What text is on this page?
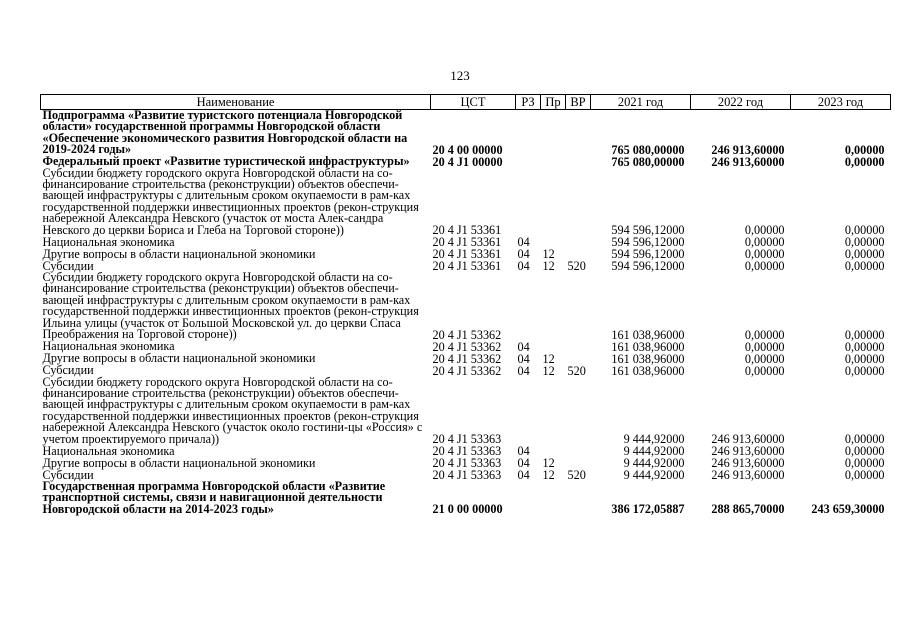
123
Наименование	ЦСТ	РЗ	Пр	ВР	2021 год	2022 год	2023 год
Подпрограмма «Развитие туристского потенциала Новгородской области» государственной программы Новгородской области «Обеспечение экономического развития Новгородской области на 2019-2024 годы»	20 4 00 00000				765 080,00000	246 913,60000	0,00000
Федеральный проект «Развитие туристической инфраструктуры»	20 4 J1 00000				765 080,00000	246 913,60000	0,00000
Субсидии бюджету городского округа Новгородской области на со-финансирование строительства (реконструкции) объектов обеспечи-вающей инфраструктуры с длительным сроком окупаемости в рам-ках государственной поддержки инвестиционных проектов (рекон-струкция набережной Александра Невского (участок от моста Алек-сандра Невского до церкви Бориса и Глеба на Торговой стороне))	20 4 J1 53361				594 596,12000	0,00000	0,00000
Национальная экономика	20 4 J1 53361	04			594 596,12000	0,00000	0,00000
Другие вопросы в области национальной экономики	20 4 J1 53361	04	12		594 596,12000	0,00000	0,00000
Субсидии	20 4 J1 53361	04	12	520	594 596,12000	0,00000	0,00000
Субсидии бюджету городского округа Новгородской области на со-финансирование строительства (реконструкции) объектов обеспечи-вающей инфраструктуры с длительным сроком окупаемости в рам-ках государственной поддержки инвестиционных проектов (рекон-струкция Ильина улицы (участок от Большой Московской ул. до церкви Спаса Преображения на Торговой стороне))	20 4 J1 53362				161 038,96000	0,00000	0,00000
Национальная экономика	20 4 J1 53362	04			161 038,96000	0,00000	0,00000
Другие вопросы в области национальной экономики	20 4 J1 53362	04	12		161 038,96000	0,00000	0,00000
Субсидии	20 4 J1 53362	04	12	520	161 038,96000	0,00000	0,00000
Субсидии бюджету городского округа Новгородской области на со-финансирование строительства (реконструкции) объектов обеспечи-вающей инфраструктуры с длительным сроком окупаемости в рам-ках государственной поддержки инвестиционных проектов (рекон-струкция набережной Александра Невского (участок около гостини-цы «Россия» с учетом проектируемого причала))	20 4 J1 53363				9 444,92000	246 913,60000	0,00000
Национальная экономика	20 4 J1 53363	04			9 444,92000	246 913,60000	0,00000
Другие вопросы в области национальной экономики	20 4 J1 53363	04	12		9 444,92000	246 913,60000	0,00000
Субсидии	20 4 J1 53363	04	12	520	9 444,92000	246 913,60000	0,00000
Государственная программа Новгородской области «Развитие транспортной системы, связи и навигационной деятельности Новгородской области на 2014-2023 годы»	21 0 00 00000				386 172,05887	288 865,70000	243 659,30000
